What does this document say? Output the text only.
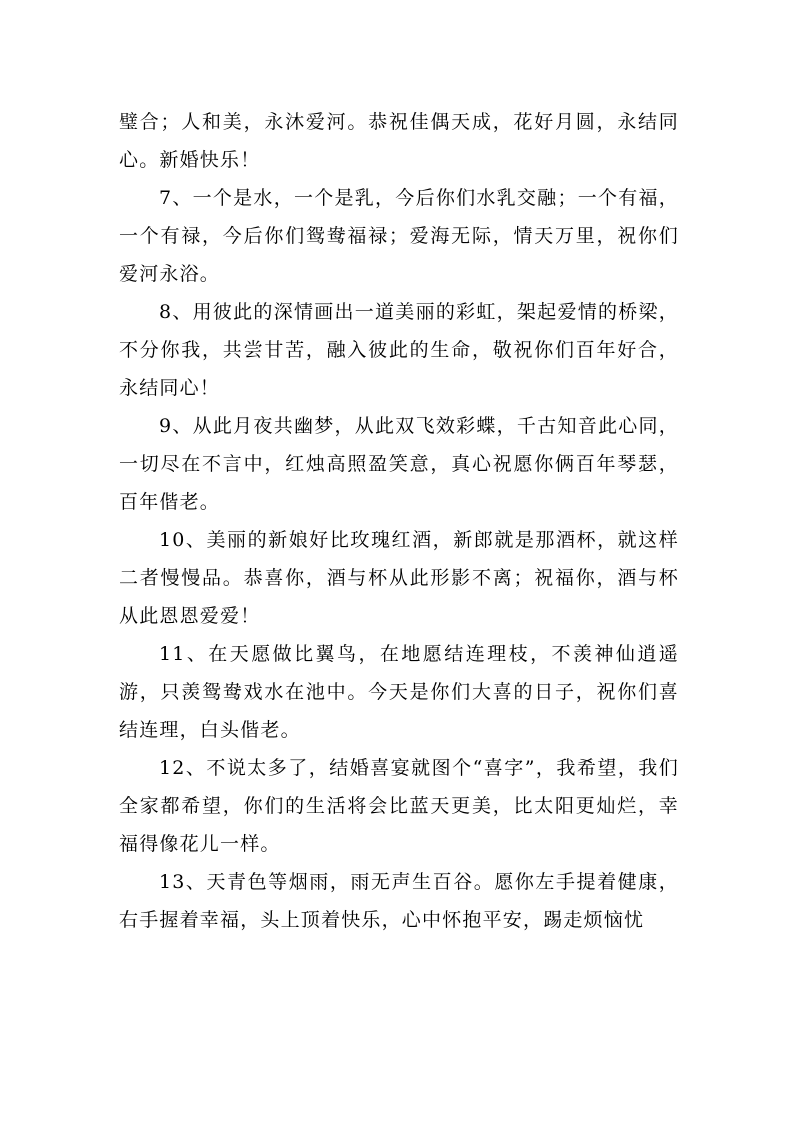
璧合；人和美，永沐爱河。恭祝佳偶天成，花好月圆，永结同心。新婚快乐！

7、一个是水，一个是乳，今后你们水乳交融；一个有福，一个有禄，今后你们鸳鸯福禄；爱海无际，情天万里，祝你们爱河永浴。

8、用彼此的深情画出一道美丽的彩虹，架起爱情的桥梁，不分你我，共尝甘苦，融入彼此的生命，敬祝你们百年好合，永结同心！

9、从此月夜共幽梦，从此双飞效彩蝶，千古知音此心同，一切尽在不言中，红烛高照盈笑意，真心祝愿你俩百年琴瑟，百年偕老。

10、美丽的新娘好比玫瑰红酒，新郎就是那酒杯，就这样二者慢慢品。恭喜你，酒与杯从此形影不离；祝福你，酒与杯从此恩恩爱爱！

11、在天愿做比翼鸟，在地愿结连理枝，不羡神仙逍遥游，只羡鸳鸯戏水在池中。今天是你们大喜的日子，祝你们喜结连理，白头偕老。

12、不说太多了，结婚喜宴就图个“喜字”，我希望，我们全家都希望，你们的生活将会比蓝天更美，比太阳更灿烂，幸福得像花儿一样。

13、天青色等烟雨，雨无声生百谷。愿你左手提着健康，右手握着幸福，头上顶着快乐，心中怀抱平安，踢走烦恼忧
